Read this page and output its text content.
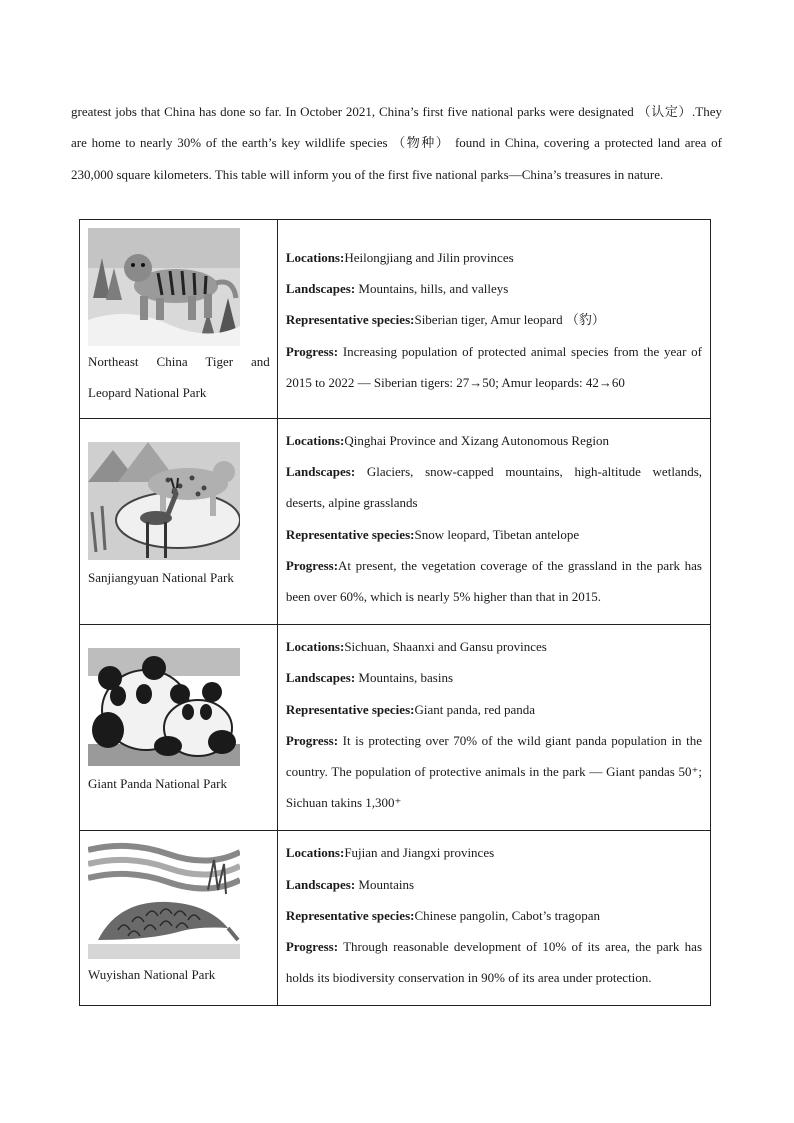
greatest jobs that China has done so far. In October 2021, China’s first five national parks were designated （认定）.They are home to nearly 30% of the earth’s key wildlife species （物种） found in China, covering a protected land area of 230,000 square kilometers. This table will inform you of the first five national parks—China’s treasures in nature.
Northeast China Tiger and Leopard National Park	Locations:Heilongjiang and Jilin provinces

Landscapes: Mountains, hills, and valleys

Representative species:Siberian tiger, Amur leopard （豹）

Progress: Increasing population of protected animal species from the year of 2015 to 2022 — Siberian tigers: 27→50; Amur leopards: 42→60

Sanjiangyuan National Park	Locations:Qinghai Province and Xizang Autonomous Region

Landscapes: Glaciers, snow-capped mountains, high-altitude wetlands, deserts, alpine grasslands

Representative species:Snow leopard, Tibetan antelope

Progress:At present, the vegetation coverage of the grassland in the park has been over 60%, which is nearly 5% higher than that in 2015.

Giant Panda National Park	Locations:Sichuan, Shaanxi and Gansu provinces

Landscapes: Mountains, basins

Representative species:Giant panda, red panda

Progress: It is protecting over 70% of the wild giant panda population in the country. The population of protective animals in the park — Giant pandas 50⁺; Sichuan takins 1,300⁺

Wuyishan National Park	Locations:Fujian and Jiangxi provinces

Landscapes: Mountains

Representative species:Chinese pangolin, Cabot’s tragopan

Progress: Through reasonable development of 10% of its area, the park has holds its biodiversity conservation in 90% of its area under protection.
